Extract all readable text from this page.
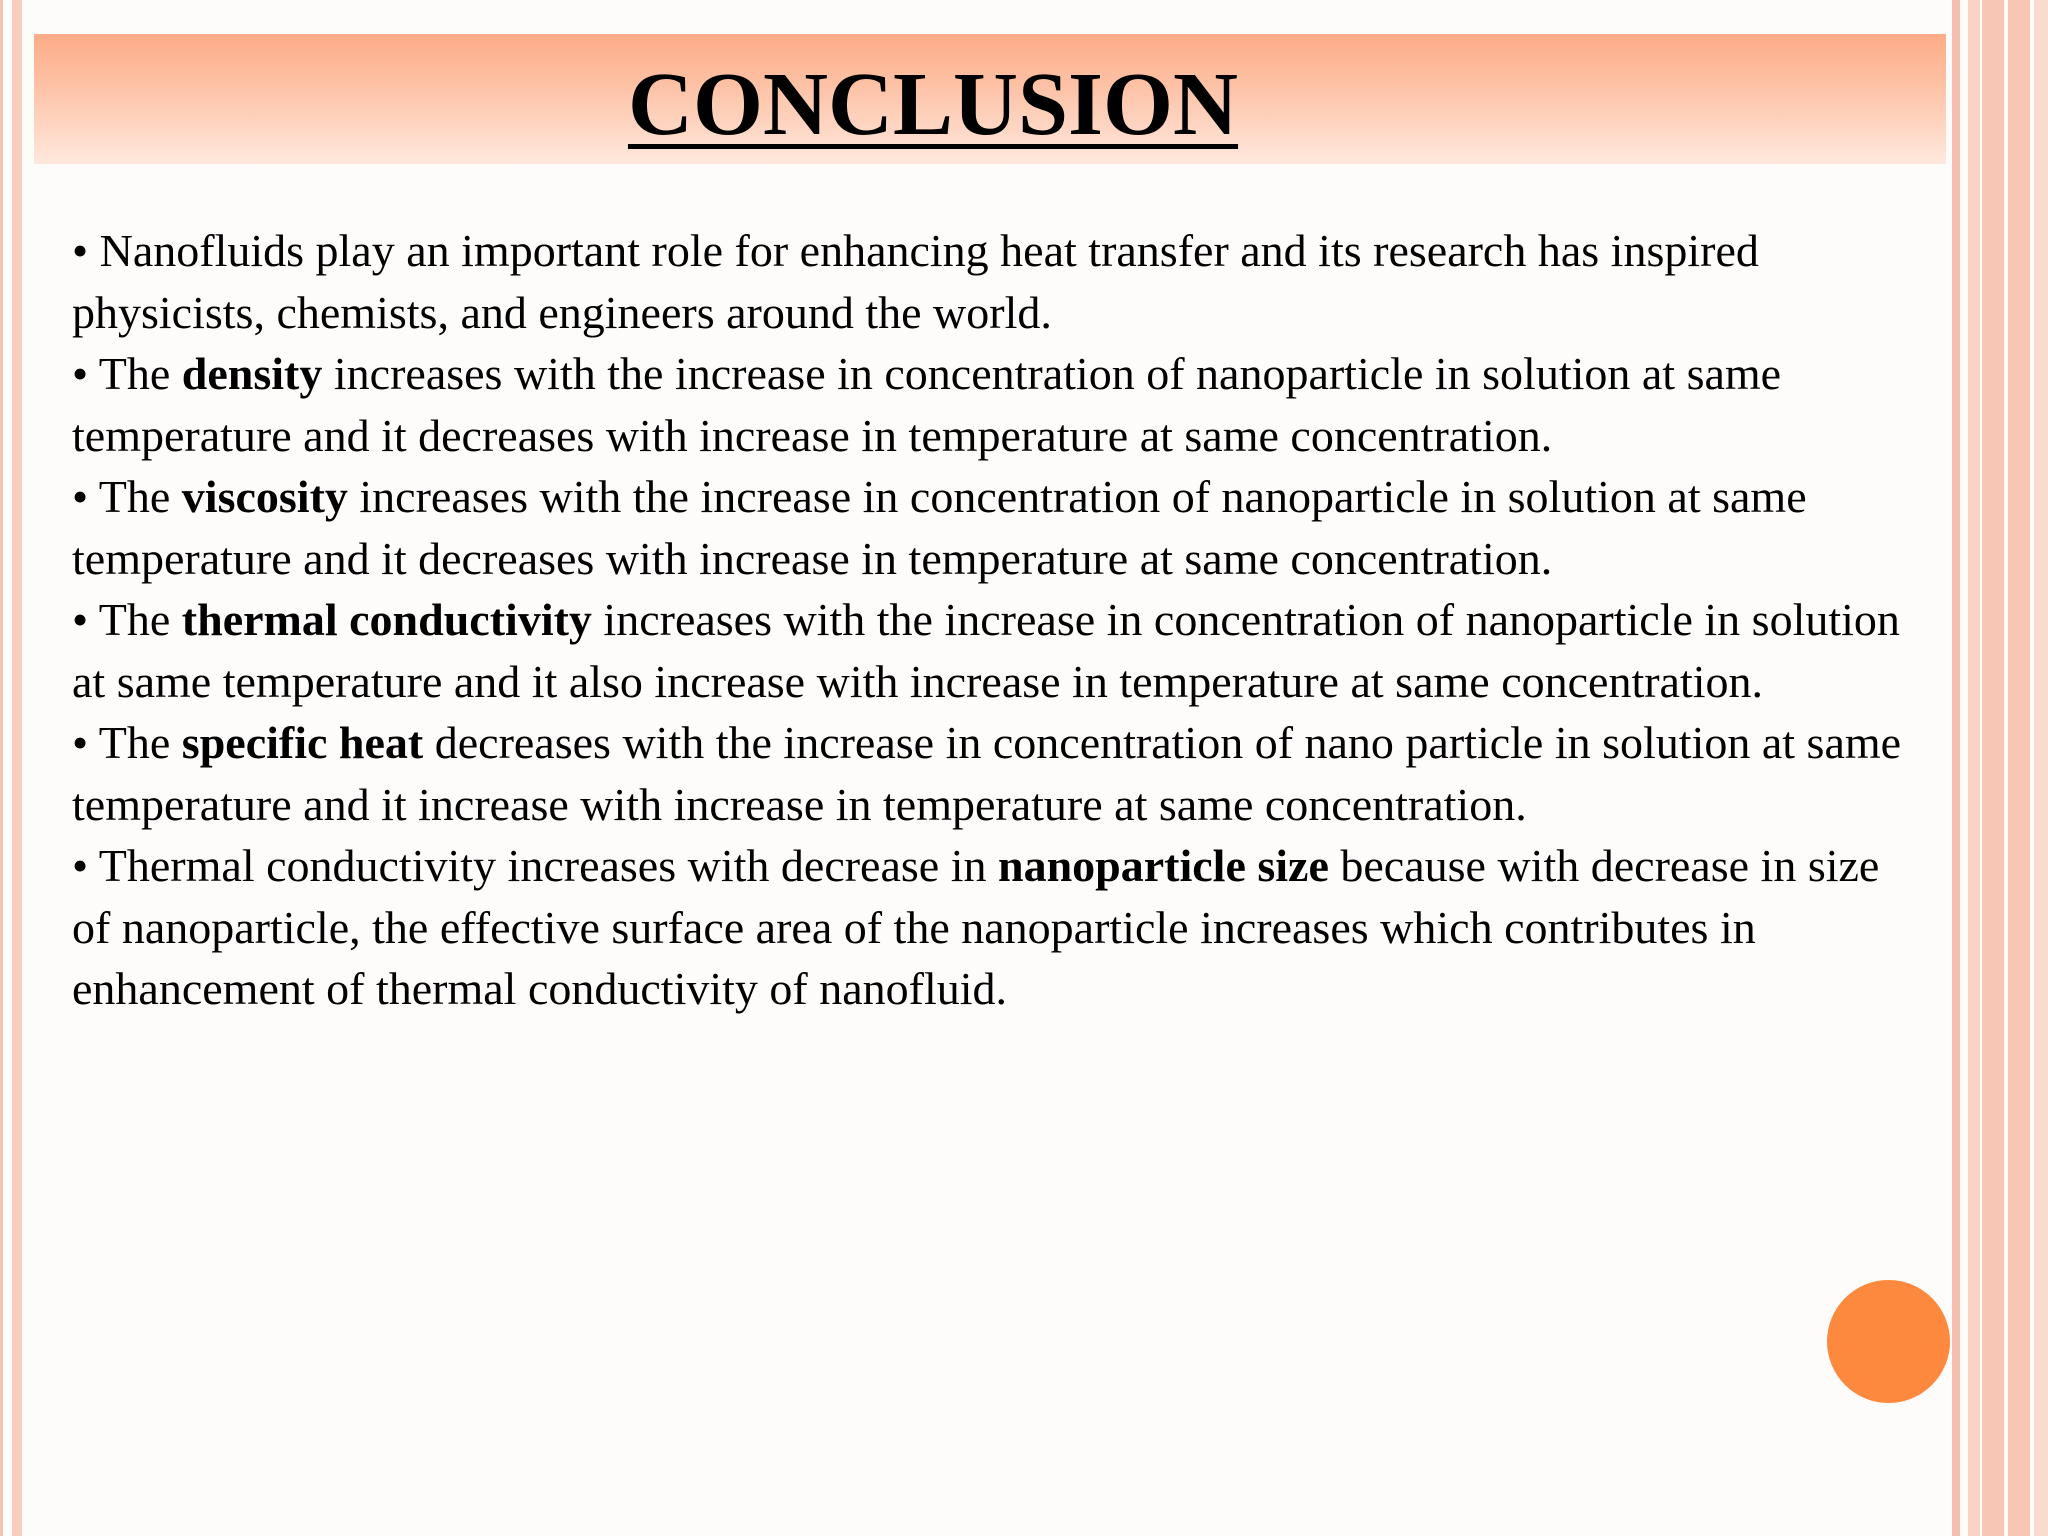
CONCLUSION

• Nanofluids play an important role for enhancing heat transfer and its research has inspired physicists, chemists, and engineers around the world.

• The density increases with the increase in concentration of nanoparticle in solution at same temperature and it decreases with increase in temperature at same concentration.

• The viscosity increases with the increase in concentration of nanoparticle in solution at same temperature and it decreases with increase in temperature at same concentration.

• The thermal conductivity increases with the increase in concentration of nanoparticle in solution at same temperature and it also increase with increase in temperature at same concentration.

• The specific heat decreases with the increase in concentration of nano particle in solution at same temperature and it increase with increase in temperature at same concentration.

• Thermal conductivity increases with decrease in nanoparticle size because with decrease in size of nanoparticle, the effective surface area of the nanoparticle increases which contributes in enhancement of thermal conductivity of nanofluid.
